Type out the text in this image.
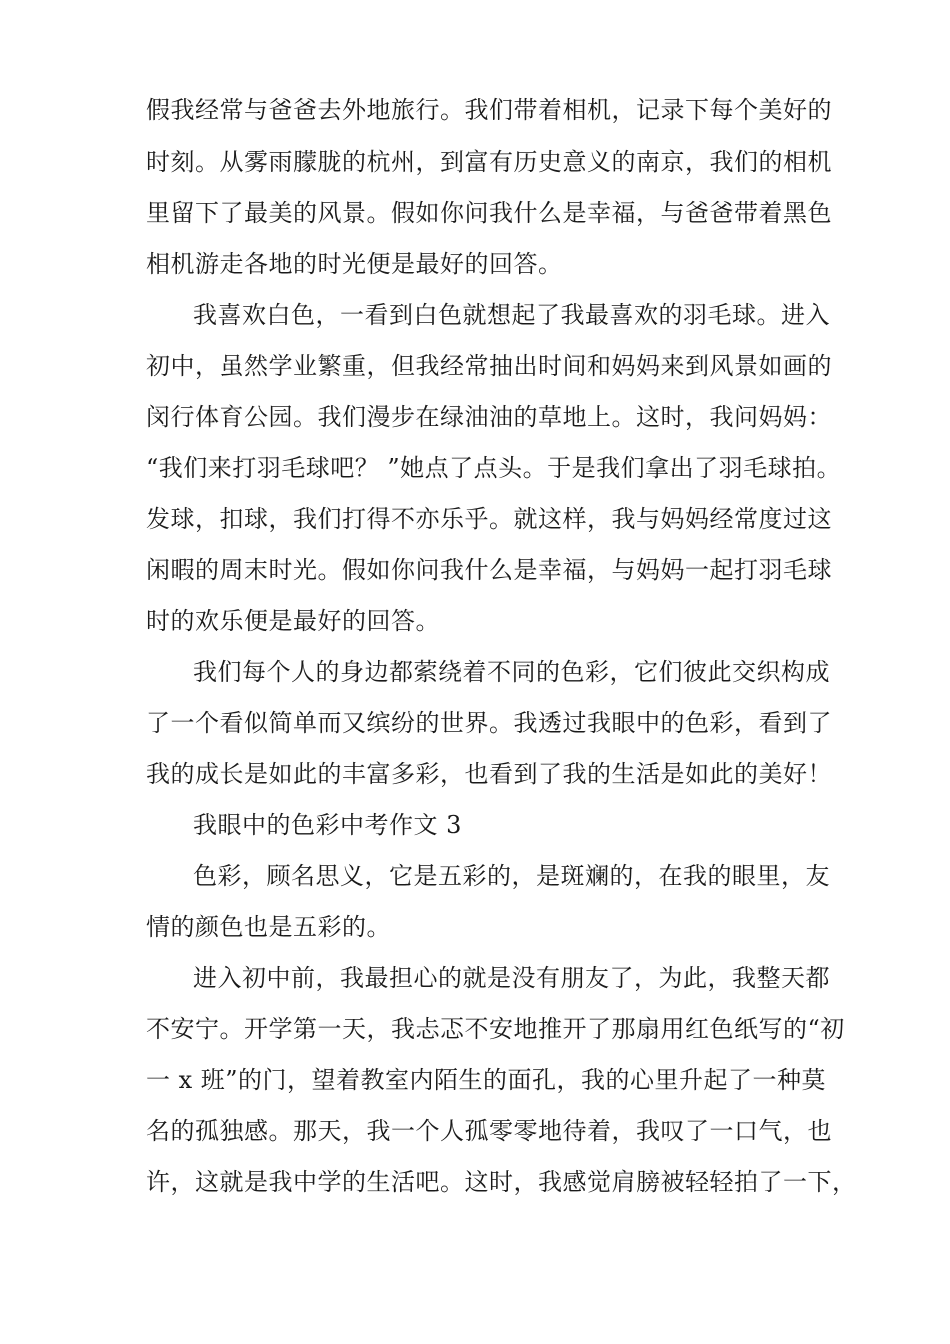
假我经常与爸爸去外地旅行。我们带着相机，记录下每个美好的
时刻。从雾雨朦胧的杭州，到富有历史意义的南京，我们的相机
里留下了最美的风景。假如你问我什么是幸福，与爸爸带着黑色
相机游走各地的时光便是最好的回答。
我喜欢白色，一看到白色就想起了我最喜欢的羽毛球。进入
初中，虽然学业繁重，但我经常抽出时间和妈妈来到风景如画的
闵行体育公园。我们漫步在绿油油的草地上。这时，我问妈妈：
“我们来打羽毛球吧？ ”她点了点头。于是我们拿出了羽毛球拍。
发球，扣球，我们打得不亦乐乎。就这样，我与妈妈经常度过这
闲暇的周末时光。假如你问我什么是幸福，与妈妈一起打羽毛球
时的欢乐便是最好的回答。
我们每个人的身边都萦绕着不同的色彩，它们彼此交织构成
了一个看似简单而又缤纷的世界。我透过我眼中的色彩，看到了
我的成长是如此的丰富多彩，也看到了我的生活是如此的美好！
我眼中的色彩中考作文 3
色彩，顾名思义，它是五彩的，是斑斓的，在我的眼里，友
情的颜色也是五彩的。
进入初中前，我最担心的就是没有朋友了，为此，我整天都
不安宁。开学第一天，我忐忑不安地推开了那扇用红色纸写的“初
一 x 班”的门，望着教室内陌生的面孔，我的心里升起了一种莫
名的孤独感。那天，我一个人孤零零地待着，我叹了一口气，也
许，这就是我中学的生活吧。这时，我感觉肩膀被轻轻拍了一下，
